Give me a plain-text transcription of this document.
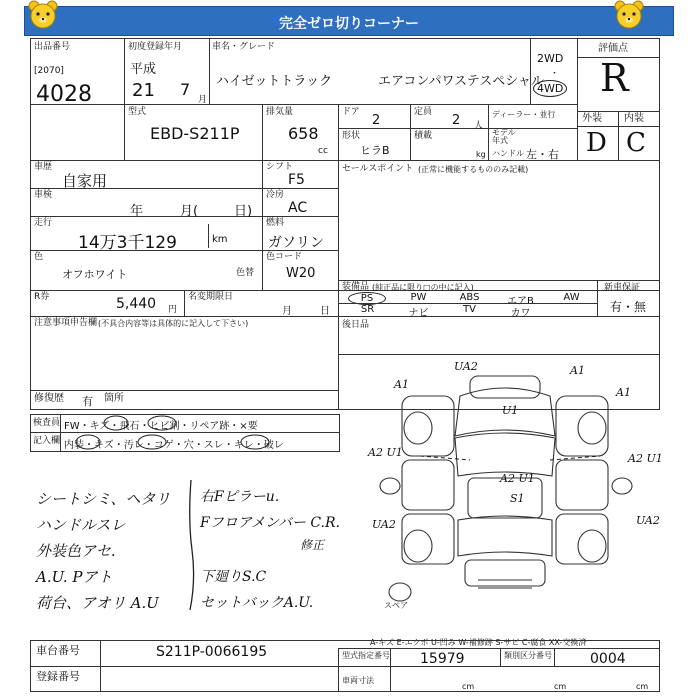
完全ゼロ切りコーナー
出品番号
[2070]
4028
初度登録年月
平成
21 7
月
車名・グレード
ハイゼットトラック	エアコンパワステスペシャル
2WD
・
4WD
評価点
R
外装 内装
D C
型式
EBD-S211P
排気量
658
cc
ドア
2
定員
2 人
ディーラー・並行
モデル
年式
ハンドル 左・右
形状
ヒラB
積載
kg
車歴
自家用
シフト
F5
車検
年	月(	日)
冷房
AC
走行
14万3千129	km
燃料
ガソリン
色
オフホワイト
色コード
色替 W20
R券	5,440 円
名変期限日
月	日
注意事項申告欄 (不具合内容等は具体的に記入して下さい)
修復歴 有 箇所
セールスポイント (正常に機能するもののみ記載)
装備品 (純正品に限り□の中に記入)	新車保証
有・無
PS	PW	ABS	エアB	AW
SR	ナビ	TV	カワ
後日品
検査員
記入欄
FW・キズ・飛石・ヒビ割・リペア跡・×要
内装・キズ・汚レ・コゲ・穴・スレ・キレ・破レ
シートシミ、ヘタリ
ハンドルスレ
外装色アセ.
A.U. Pアト
荷台、アオリ A.U
右Fピラーu.
Fフロアメンバー C.R.
修正
下廻りS.C
セットバックA.U.	スペア
UA2
A1
A1
A1
U1
A2 U1	A2 U1
A2 U1
S1
UA2	UA2
A-キズ E-エクボ U-凹み W-補修跡 S-サビ C-腐食 XX-交換済
車台番号	S211P-0066195
登録番号
型式指定番号 15979	類別区分番号	0004
車両寸法
cm	cm	cm
